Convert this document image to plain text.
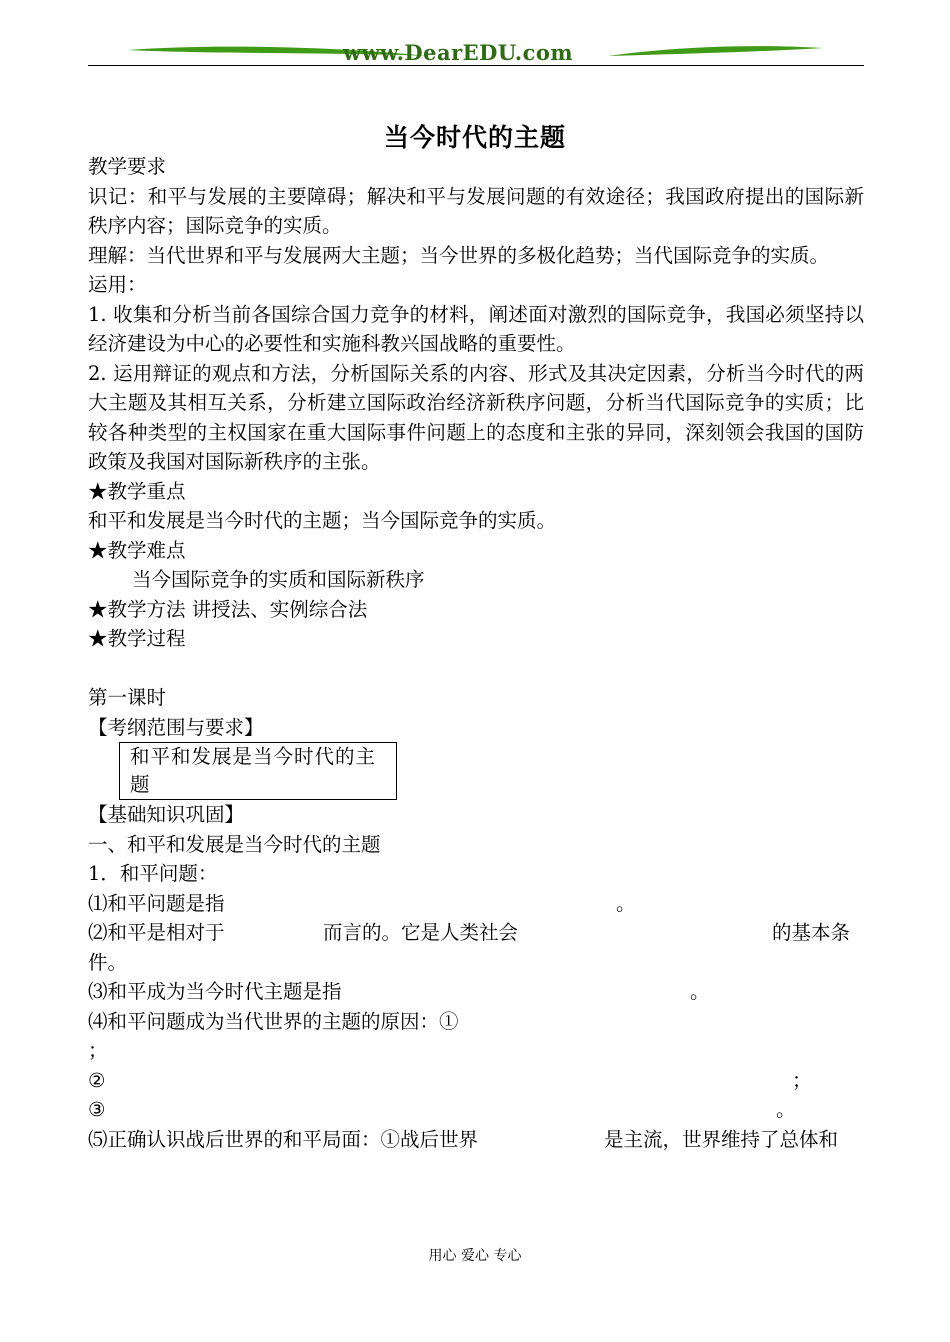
www.DearEDU.com
当今时代的主题

教学要求

识记：和平与发展的主要障碍；解决和平与发展问题的有效途径；我国政府提出的国际新秩序内容；国际竞争的实质。

理解：当代世界和平与发展两大主题；当今世界的多极化趋势；当代国际竞争的实质。

运用：

1. 收集和分析当前各国综合国力竞争的材料，阐述面对激烈的国际竞争，我国必须坚持以经济建设为中心的必要性和实施科教兴国战略的重要性。

2. 运用辩证的观点和方法，分析国际关系的内容、形式及其决定因素，分析当今时代的两大主题及其相互关系，分析建立国际政治经济新秩序问题，分析当代国际竞争的实质；比较各种类型的主权国家在重大国际事件问题上的态度和主张的异同，深刻领会我国的国防政策及我国对国际新秩序的主张。

★教学重点

和平和发展是当今时代的主题；当今国际竞争的实质。

★教学难点

当今国际竞争的实质和国际新秩序

★教学方法 讲授法、实例综合法

★教学过程

第一课时

【考纲范围与要求】

和平和发展是当今时代的主题

【基础知识巩固】

一、和平和发展是当今时代的主题

1．和平问题：

⑴和平问题是指	。
⑵和平是相对于	而言的。它是人类社会	的基本条
件。
⑶和平成为当今时代主题是指	。
⑷和平问题成为当代世界的主题的原因：①
；
②	；
③	。
⑸正确认识战后世界的和平局面：①战后世界	是主流，世界维持了总体和
用心 爱心 专心
